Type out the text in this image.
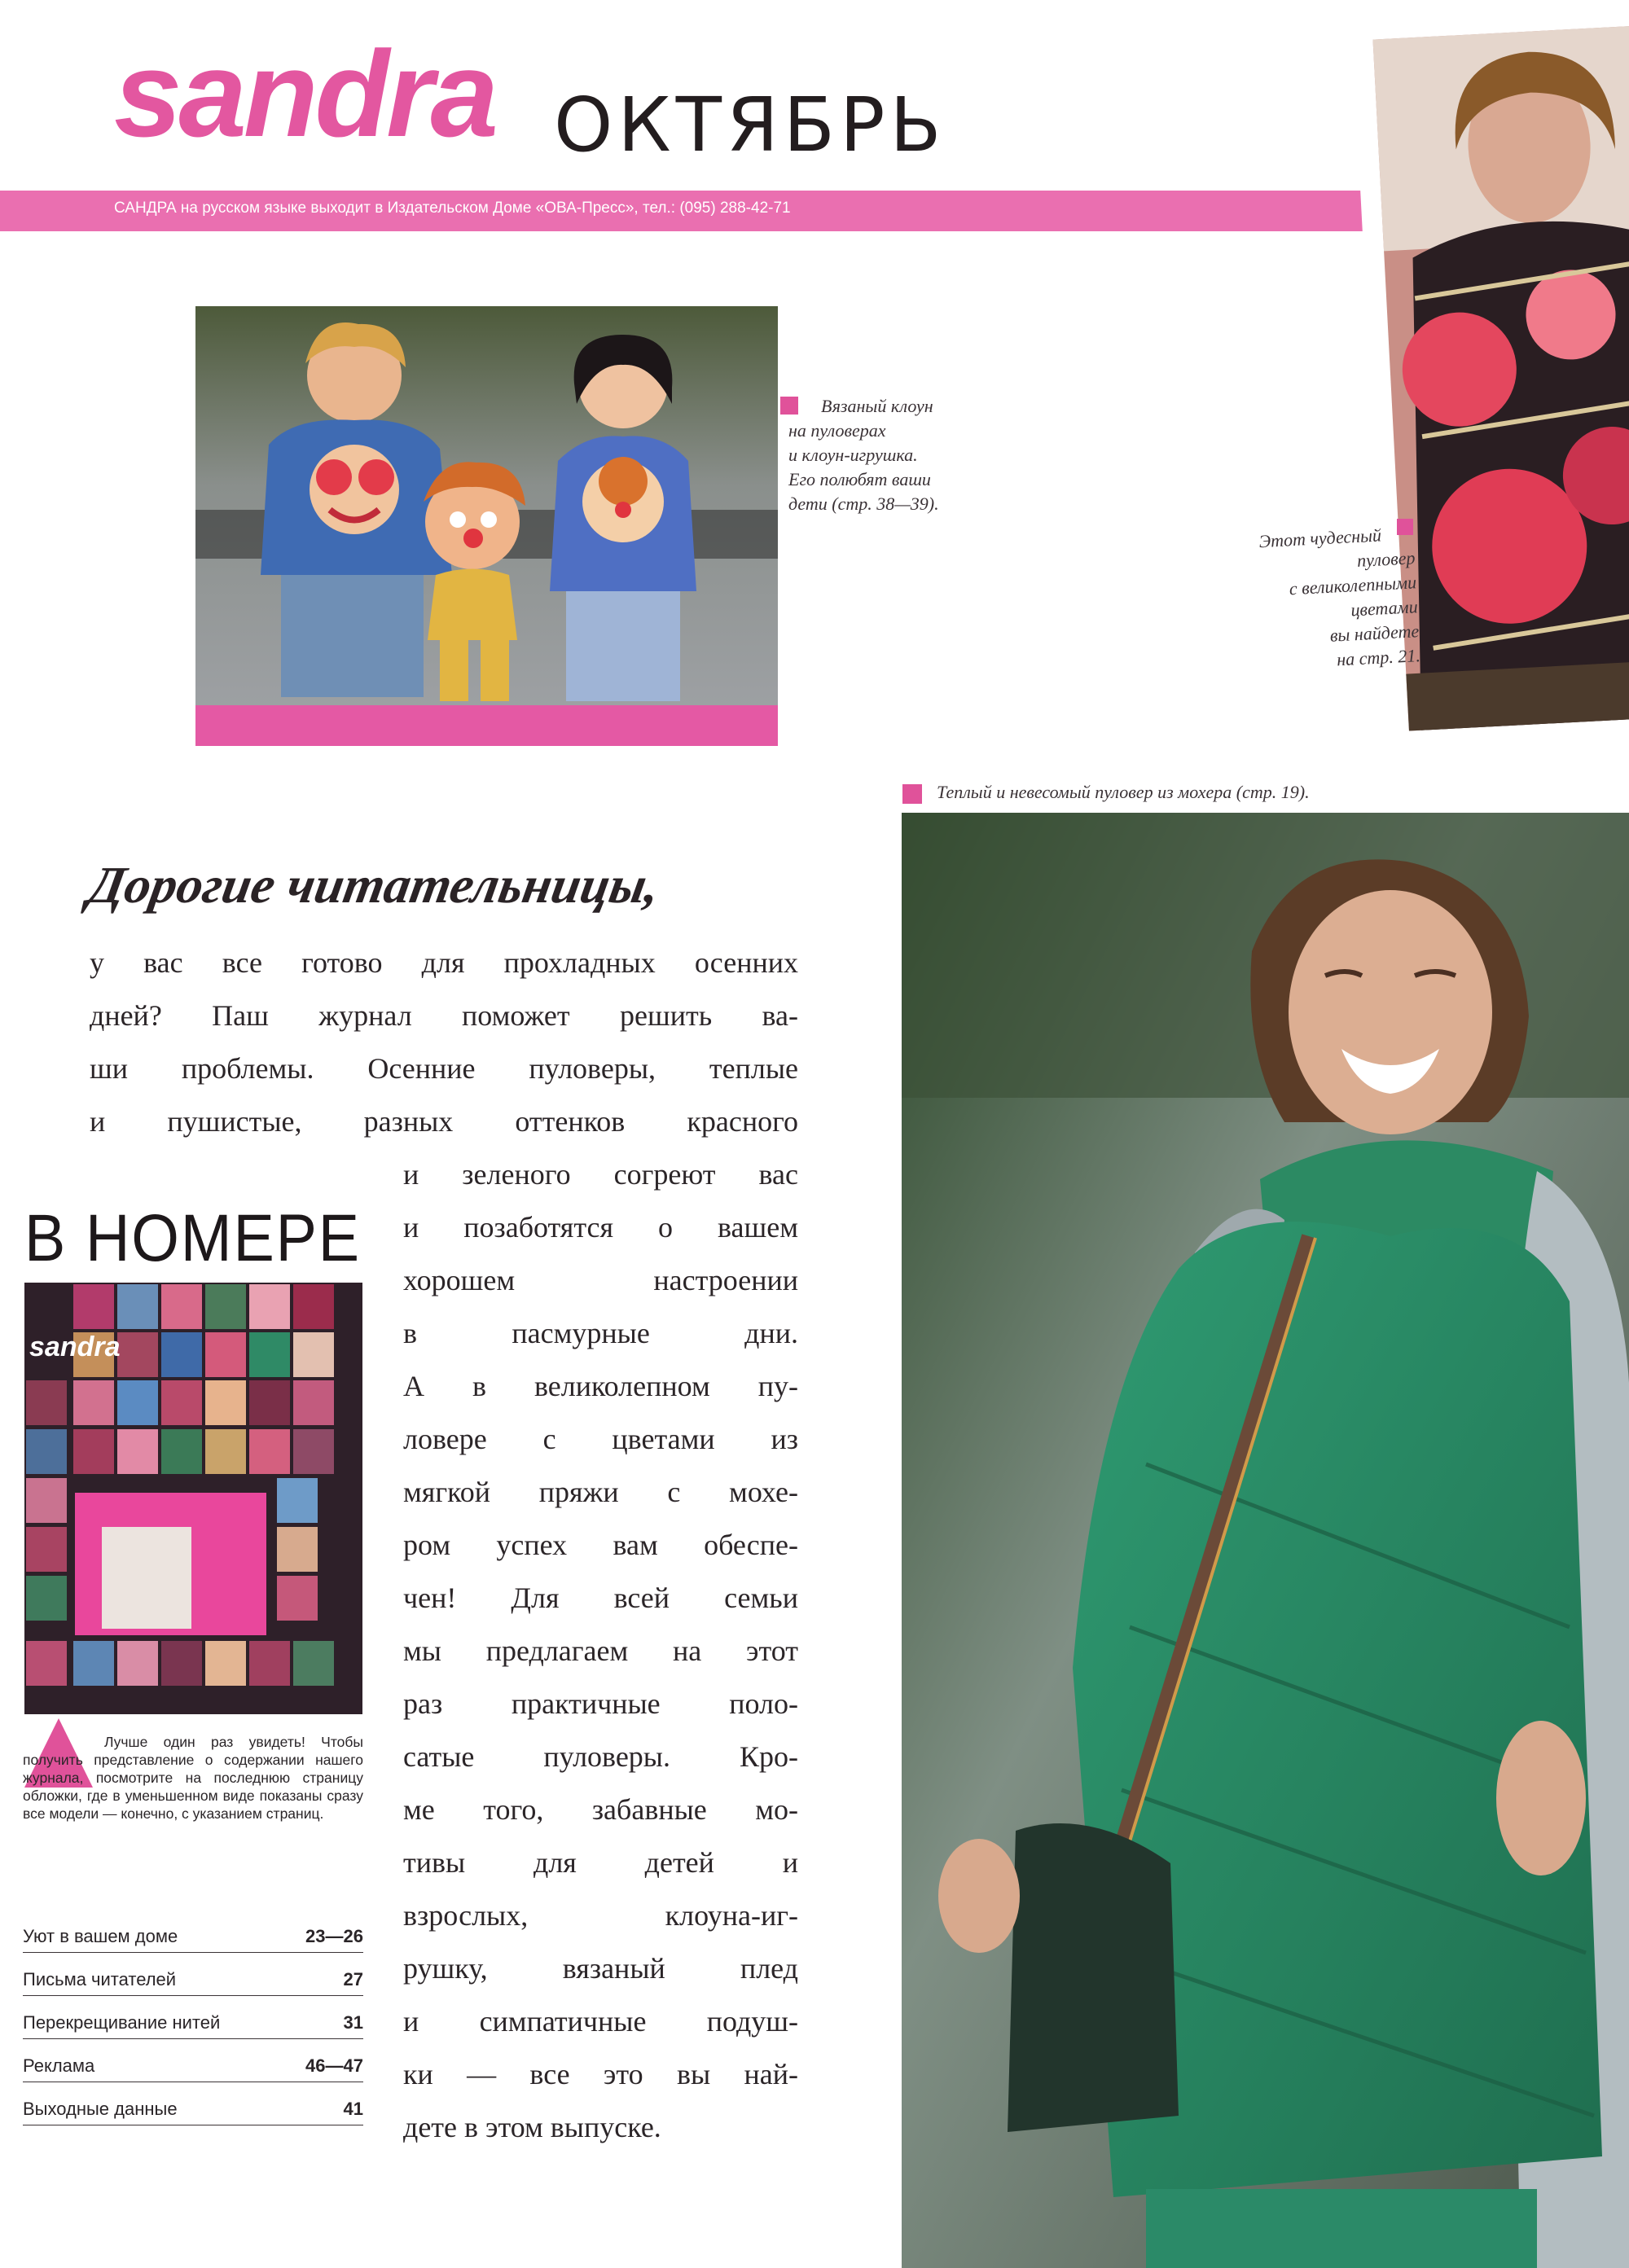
sandra ОКТЯБРЬ
САНДРА на русском языке выходит в Издательском Доме «ОВА-Пресс», тел.: (095) 288-42-71
Вязаный клоун
на пуловерах
и клоун-игрушка.
Его полюбят ваши
дети (стр. 38—39).
Этот чудесный
пуловер
с великолепными
цветами
вы найдете
на стр. 21.
Теплый и невесомый пуловер из мохера (стр. 19).
Дорогие читательницы,
у вас все готово для прохладных осенних
дней? Паш журнал поможет решить ва-
ши проблемы. Осенние пуловеры, теплые
и пушистые, разных оттенков красного
и зеленого согреют вас
и позаботятся о вашем
хорошем настроении
в пасмурные дни.
А в великолепном пу-
ловере с цветами из
мягкой пряжи с мохе-
ром успех вам обеспе-
чен! Для всей семьи
мы предлагаем на этот
раз практичные поло-
сатые пуловеры. Кро-
ме того, забавные мо-
тивы для детей и
взрослых, клоуна-иг-
рушку, вязаный плед
и симпатичные подуш-
ки — все это вы най-
дете в этом выпуске.
В НОМЕРЕ
sandra
Лучше один раз увидеть! Чтобы получить представление о содержании нашего журнала, посмотрите на последнюю страницу обложки, где в уменьшенном виде показаны сразу все модели — конечно, с указанием страниц.
Уют в вашем доме	23—26
Письма читателей	27
Перекрещивание нитей	31
Реклама	46—47
Выходные данные	41
